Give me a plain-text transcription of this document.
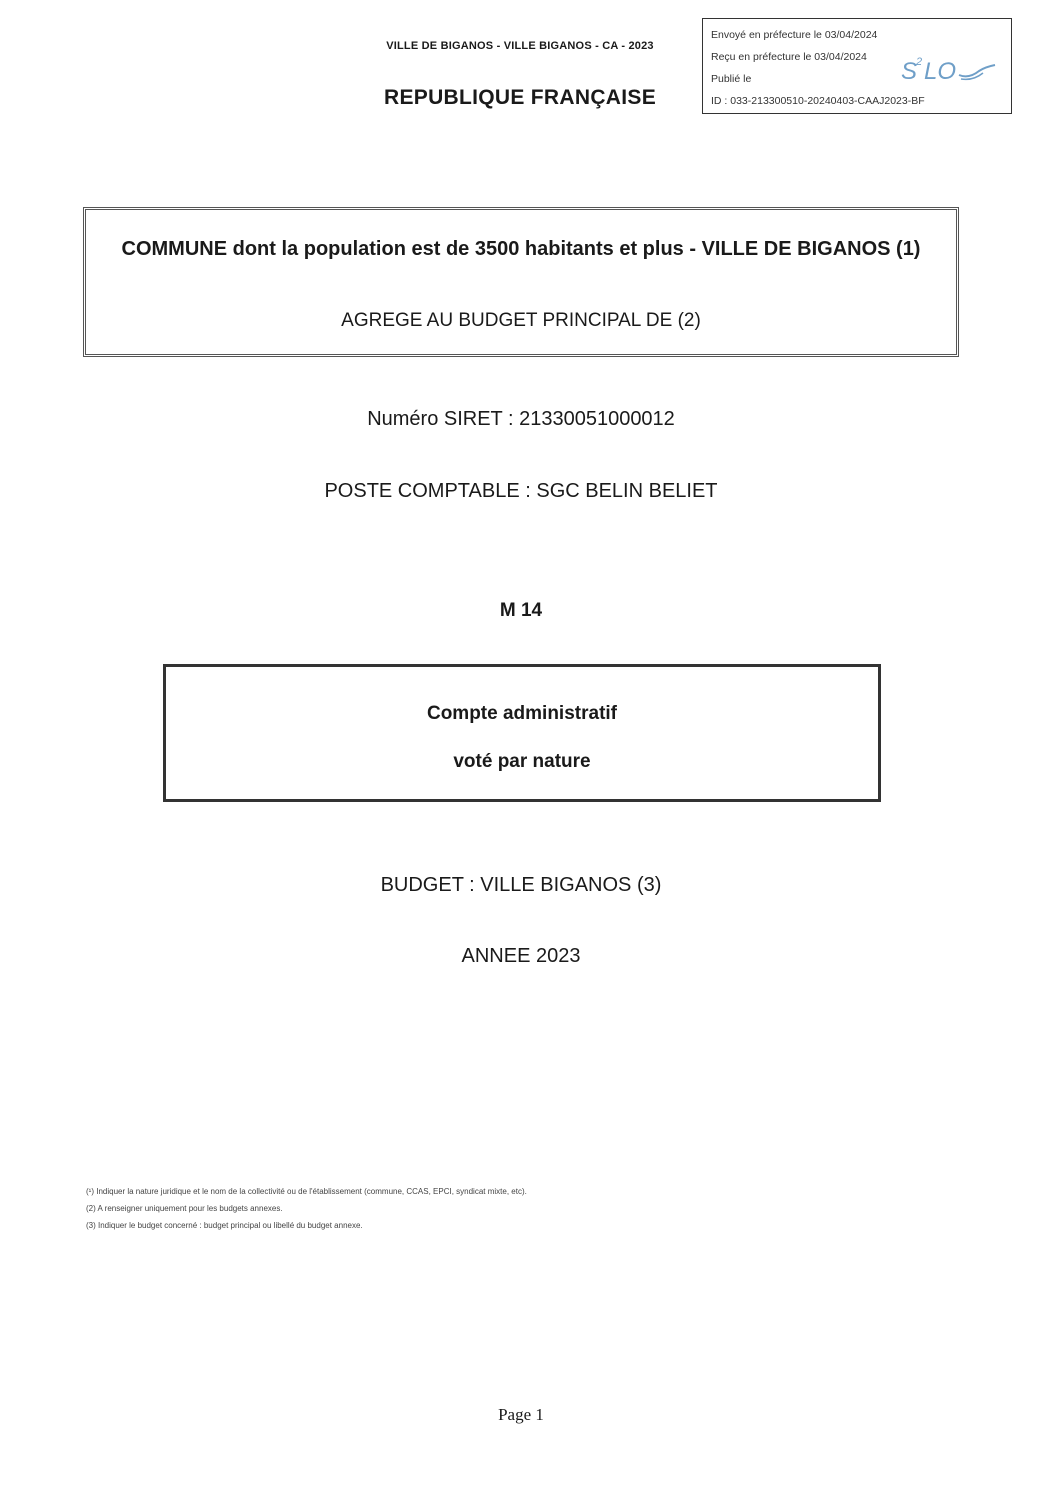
VILLE DE BIGANOS - VILLE BIGANOS - CA - 2023
REPUBLIQUE FRANÇAISE
Envoyé en préfecture le 03/04/2024
Reçu en préfecture le 03/04/2024
Publié le
ID : 033-213300510-20240403-CAAJ2023-BF
S
2 LO
COMMUNE dont la population est de 3500 habitants et plus - VILLE DE BIGANOS (1)
AGREGE AU BUDGET PRINCIPAL DE (2)
Numéro SIRET : 21330051000012
POSTE COMPTABLE : SGC BELIN BELIET
M 14
Compte administratif
voté par nature
BUDGET : VILLE BIGANOS (3)
ANNEE 2023
(¹) Indiquer la nature juridique et le nom de la collectivité ou de l'établissement (commune, CCAS, EPCI, syndicat mixte, etc).
(2) A renseigner uniquement pour les budgets annexes.
(3) Indiquer le budget concerné : budget principal ou libellé du budget annexe.
Page 1
